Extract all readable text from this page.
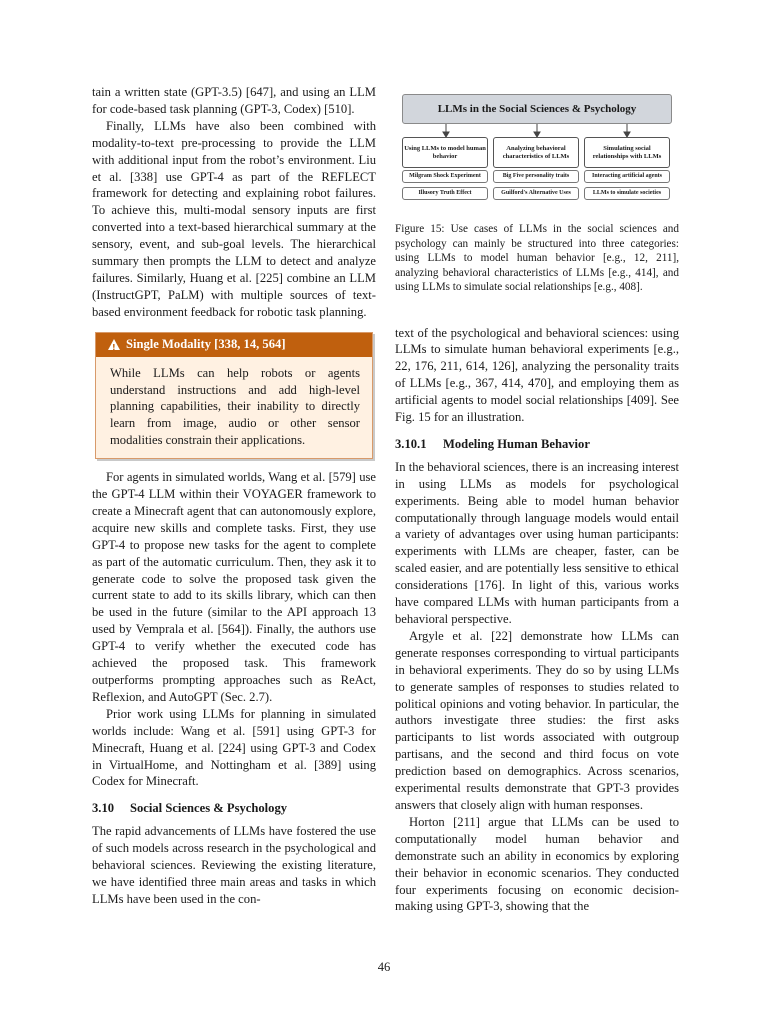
tain a written state (GPT-3.5) [647], and using an LLM for code-based task planning (GPT-3, Codex) [510].

Finally, LLMs have also been combined with modality-to-text pre-processing to provide the LLM with additional input from the robot’s environment. Liu et al. [338] use GPT-4 as part of the REFLECT framework for detecting and explaining robot failures. To achieve this, multi-modal sensory inputs are first converted into a text-based hierarchical summary at the sensory, event, and sub-goal levels. The hierarchical summary then prompts the LLM to detect and analyze failures. Similarly, Huang et al. [225] combine an LLM (InstructGPT, PaLM) with multiple sources of text-based environment feedback for robotic task planning.

!
Single Modality [338, 14, 564]

While LLMs can help robots or agents understand instructions and add high-level planning capabilities, their inability to directly learn from image, audio or other sensor modalities constrain their applications.

For agents in simulated worlds, Wang et al. [579] use the GPT-4 LLM within their VOYAGER framework to create a Minecraft agent that can autonomously explore, acquire new skills and complete tasks. First, they use GPT-4 to propose new tasks for the agent to complete as part of the automatic curriculum. Then, they ask it to generate code to solve the proposed task given the current state to add to its skills library, which can then be used in the future (similar to the API approach 13 used by Vemprala et al. [564]). Finally, the authors use GPT-4 to verify whether the executed code has achieved the proposed task. This framework outperforms prompting approaches such as ReAct, Reflexion, and AutoGPT (Sec. 2.7).

Prior work using LLMs for planning in simulated worlds include: Wang et al. [591] using GPT-3 for Minecraft, Huang et al. [224] using GPT-3 and Codex in VirtualHome, and Nottingham et al. [389] using Codex for Minecraft.

3.10 Social Sciences & Psychology

The rapid advancements of LLMs have fostered the use of such models across research in the psychological and behavioral sciences. Reviewing the existing literature, we have identified three main areas and tasks in which LLMs have been used in the con-

LLMs in the Social Sciences & Psychology
Using LLMs to model human behavior
Analyzing behavioral characteristics of LLMs
Simulating social relationships with LLMs
Milgram Shock Experiment	Big Five personality traits	Interacting artificial agents
Illusory Truth Effect	Guilford's Alternative Uses	LLMs to simulate societies

Figure 15: Use cases of LLMs in the social sciences and psychology can mainly be structured into three categories: using LLMs to model human behavior [e.g., 12, 211], analyzing behavioral characteristics of LLMs [e.g., 414], and using LLMs to simulate social relationships [e.g., 408].

text of the psychological and behavioral sciences: using LLMs to simulate human behavioral experiments [e.g., 22, 176, 211, 614, 126], analyzing the personality traits of LLMs [e.g., 367, 414, 470], and employing them as artificial agents to model social relationships [409]. See Fig. 15 for an illustration.

3.10.1 Modeling Human Behavior

In the behavioral sciences, there is an increasing interest in using LLMs as models for psychological experiments. Being able to model human behavior computationally through language models would entail a variety of advantages over using human participants: experiments with LLMs are cheaper, faster, can be scaled easier, and are potentially less sensitive to ethical considerations [176]. In light of this, various works have compared LLMs with human participants from a behavioral perspective.

Argyle et al. [22] demonstrate how LLMs can generate responses corresponding to virtual participants in behavioral experiments. They do so by using LLMs to generate samples of responses to studies related to political opinions and voting behavior. In particular, the authors investigate three studies: the first asks participants to list words associated with outgroup partisans, and the second and third focus on vote prediction based on demographics. Across scenarios, experimental results demonstrate that GPT-3 provides answers that closely align with human responses.

Horton [211] argue that LLMs can be used to computationally model human behavior and demonstrate such an ability in economics by exploring their behavior in economic scenarios. They conducted four experiments focusing on economic decision-making using GPT-3, showing that the

46
